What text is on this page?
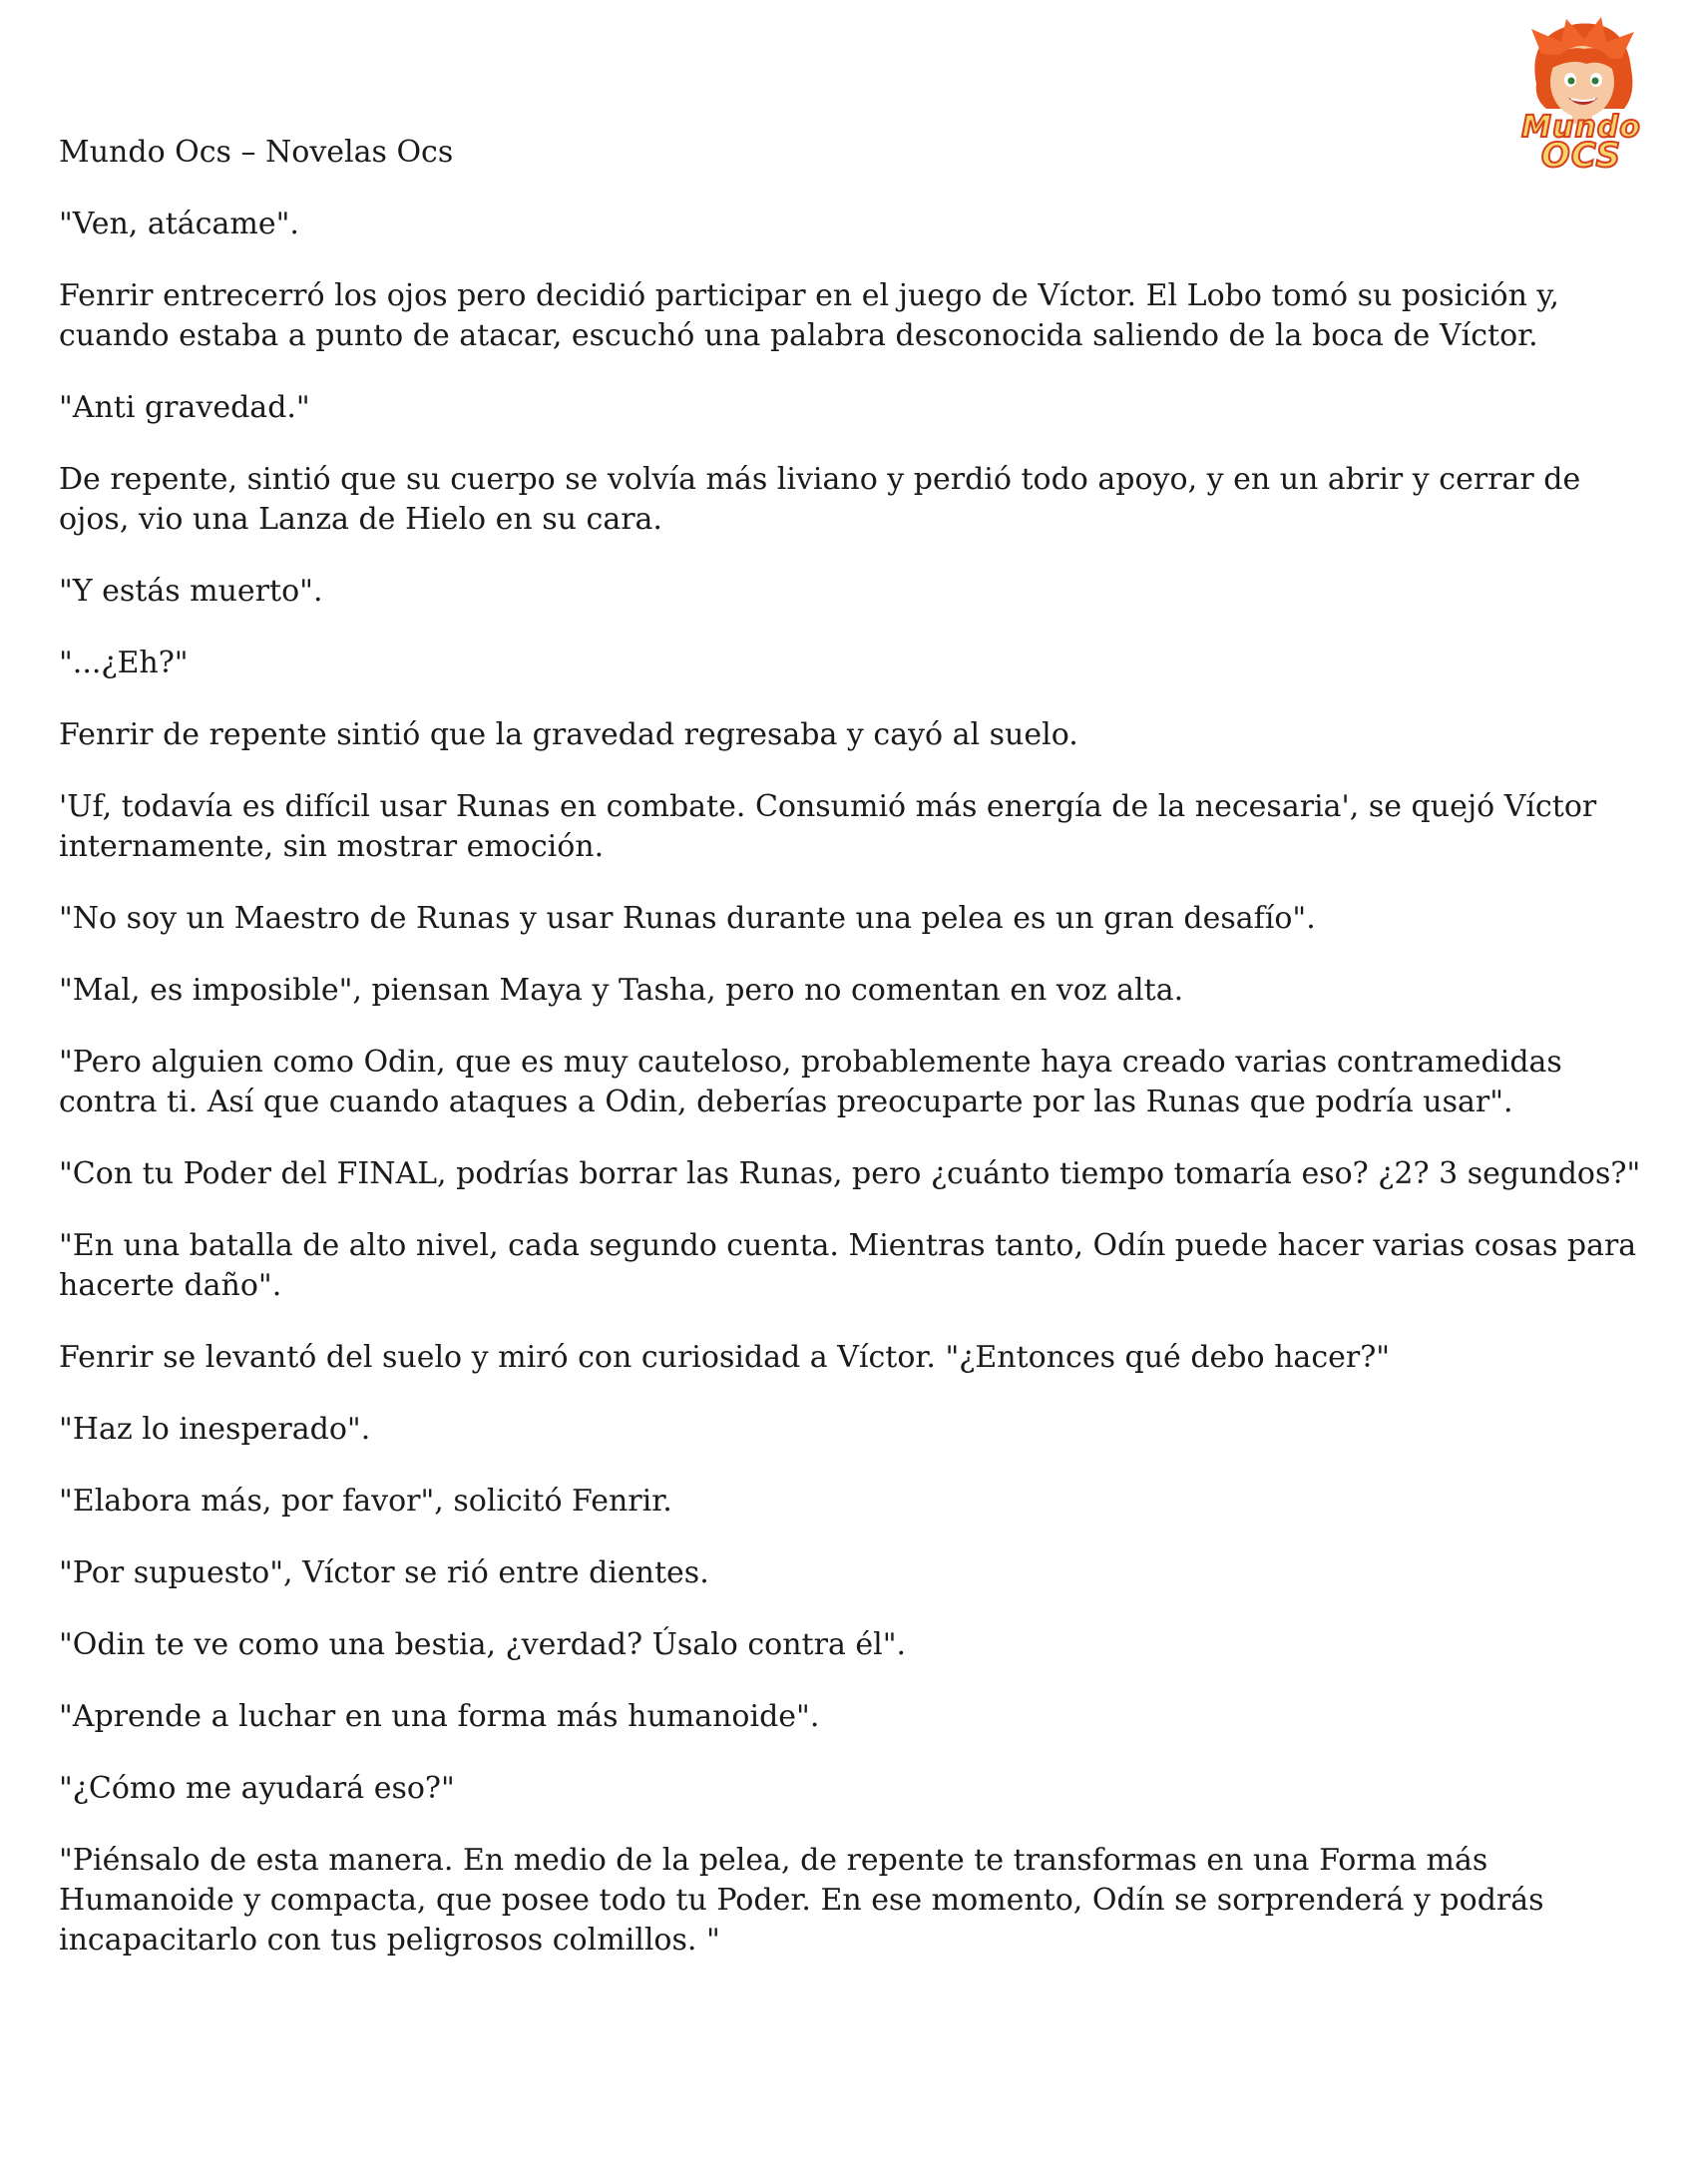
Mundo
OCS

Mundo Ocs – Novelas Ocs

"Ven, atácame".

Fenrir entrecerró los ojos pero decidió participar en el juego de Víctor. El Lobo tomó su posición y, cuando estaba a punto de atacar, escuchó una palabra desconocida saliendo de la boca de Víctor.

"Anti gravedad."

De repente, sintió que su cuerpo se volvía más liviano y perdió todo apoyo, y en un abrir y cerrar de ojos, vio una Lanza de Hielo en su cara.

"Y estás muerto".

"...¿Eh?"

Fenrir de repente sintió que la gravedad regresaba y cayó al suelo.

'Uf, todavía es difícil usar Runas en combate. Consumió más energía de la necesaria', se quejó Víctor internamente, sin mostrar emoción.

"No soy un Maestro de Runas y usar Runas durante una pelea es un gran desafío".

"Mal, es imposible", piensan Maya y Tasha, pero no comentan en voz alta.

"Pero alguien como Odin, que es muy cauteloso, probablemente haya creado varias contramedidas contra ti. Así que cuando ataques a Odin, deberías preocuparte por las Runas que podría usar".

"Con tu Poder del FINAL, podrías borrar las Runas, pero ¿cuánto tiempo tomaría eso? ¿2? 3 segundos?"

"En una batalla de alto nivel, cada segundo cuenta. Mientras tanto, Odín puede hacer varias cosas para hacerte daño".

Fenrir se levantó del suelo y miró con curiosidad a Víctor. "¿Entonces qué debo hacer?"

"Haz lo inesperado".

"Elabora más, por favor", solicitó Fenrir.

"Por supuesto", Víctor se rió entre dientes.

"Odin te ve como una bestia, ¿verdad? Úsalo contra él".

"Aprende a luchar en una forma más humanoide".

"¿Cómo me ayudará eso?"

"Piénsalo de esta manera. En medio de la pelea, de repente te transformas en una Forma más Humanoide y compacta, que posee todo tu Poder. En ese momento, Odín se sorprenderá y podrás incapacitarlo con tus peligrosos colmillos. "
